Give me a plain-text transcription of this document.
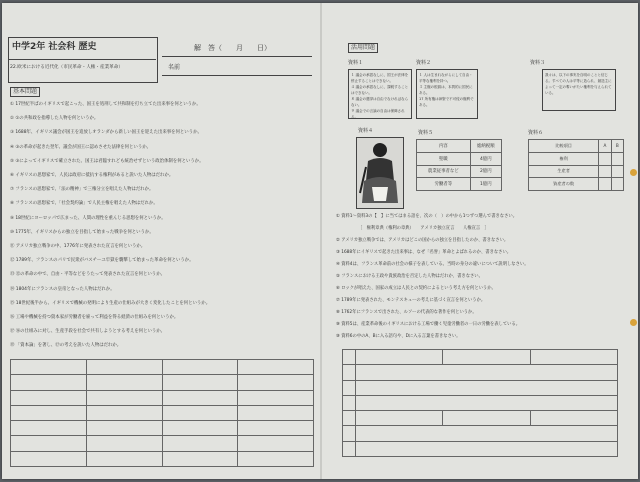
中学2年 社会科 歴史
22.欧米における近代化（市民革命・人権・産業革命）
解　答（　　月　　日）
名前
基本問題
① 17世紀半ばのイギリスで起こった、国王を処刑して共和制を打ち立てた出来事を何というか。
② ①の共和政を指導した人物を何というか。
③ 1688年、イギリス議会が国王を追放しオランダから新しい国王を迎えた出来事を何というか。
④ ③の革命が起きた翌年、議会が国王に認めさせた法律を何というか。
⑤ ③によってイギリスで確立された、国王は君臨すれども統治せずという政治体制を何というか。
⑥ イギリスの思想家で、人民は政府に抵抗する権利があると説いた人物はだれか。
⑦ フランスの思想家で、「法の精神」で三権分立を唱えた人物はだれか。
⑧ フランスの思想家で、「社会契約論」で人民主権を唱えた人物はだれか。
⑨ 18世紀にヨーロッパで広まった、人間の理性を重んじる思想を何というか。
⑩ 1775年、イギリスからの独立を目指して始まった戦争を何というか。
⑪ アメリカ独立戦争の中、1776年に発表された宣言を何というか。
⑫ 1789年、フランスのパリで民衆がバスチーユ牢獄を襲撃して始まった革命を何というか。
⑬ ⑫の革命の中で、自由・平等などをうたって発表された宣言を何というか。
⑭ 1804年にフランスの皇帝となった人物はだれか。
⑮ 18世紀後半から、イギリスで機械の発明により生産の仕組みが大きく変化したことを何というか。
⑯ 工場や機械を持つ資本家が労働者を雇って利益を得る経済の仕組みを何というか。
⑰ ⑯の仕組みに対し、生産手段を社会で共有しようとする考えを何というか。
⑱ 「資本論」を著し、⑰の考えを説いた人物はだれか。

活用問題
資料１
１ 議会の承認なしに、国王が法律を停止することはできない。
４ 議会の承認なしに、課税することはできない。
８ 議会の選挙は自由でなければならない。
９ 議会での言論の自由は保障される。
資料２
１ 人は生まれながらにして自由・平等な権利を持つ。
３ 主権の根源は、本質的に国民にある。
17 所有権は神聖で不可侵の権利である。
資料３
我々は、以下の事実を自明のことと信じる。すべての人は平等に造られ、創造主によって一定の奪いがたい権利を与えられている。
資料４	資料５
内容	総納税額
聖職	4億円
農業従事者など	2億円
労働者等	1億円
資料６
比較項目	A	B
権利		
生産者		
資産者の数		
① 資料1～資料3の【　】に当てはまる語を、次の（　）の中から1つずつ選んで書きなさい。
［　権利章典（権利の章典）　　アメリカ独立宣言　　人権宣言　］
② アメリカ独立戦争では、アメリカはどこの国からの独立を目指したのか、書きなさい。
③ 1688年にイギリスで起きた出来事は、なぜ「名誉」革命とよばれるのか、書きなさい。
④ 資料4は、フランス革命前の社会の様子を表している。当時の身分の違いについて説明しなさい。
⑤ フランスにおける王政や貴族政治を否定した人物はだれか、書きなさい。
⑥ ロックが唱えた、国家の成立は人民との契約によるという考え方を何というか。
⑦ 1789年に発表された、モンテスキューの考えに基づく宣言を何というか。
⑧ 1762年にフランスで出された、ルソーの代表的な著作を何というか。
⑨ 資料5は、産業革命後のイギリスにおける工場で働く児童労働者の一日の労働を表している。
⑩ 資料6の中のA、Bに入る語句や、Dに入る言葉を書きなさい。
